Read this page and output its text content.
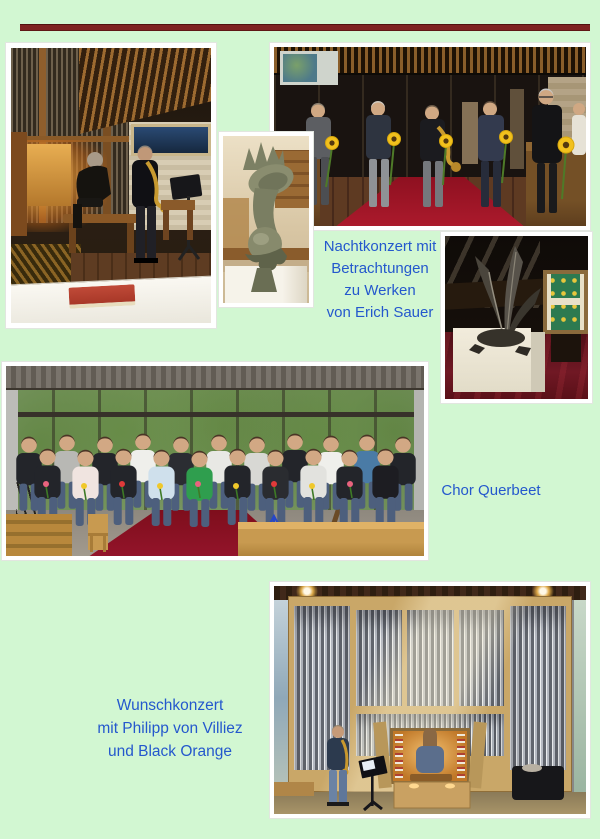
Nachtkonzert mit
Betrachtungen
zu Werken
von Erich Sauer
Chor Querbeet
Wunschkonzert
mit Philipp von Villiez
und Black Orange
